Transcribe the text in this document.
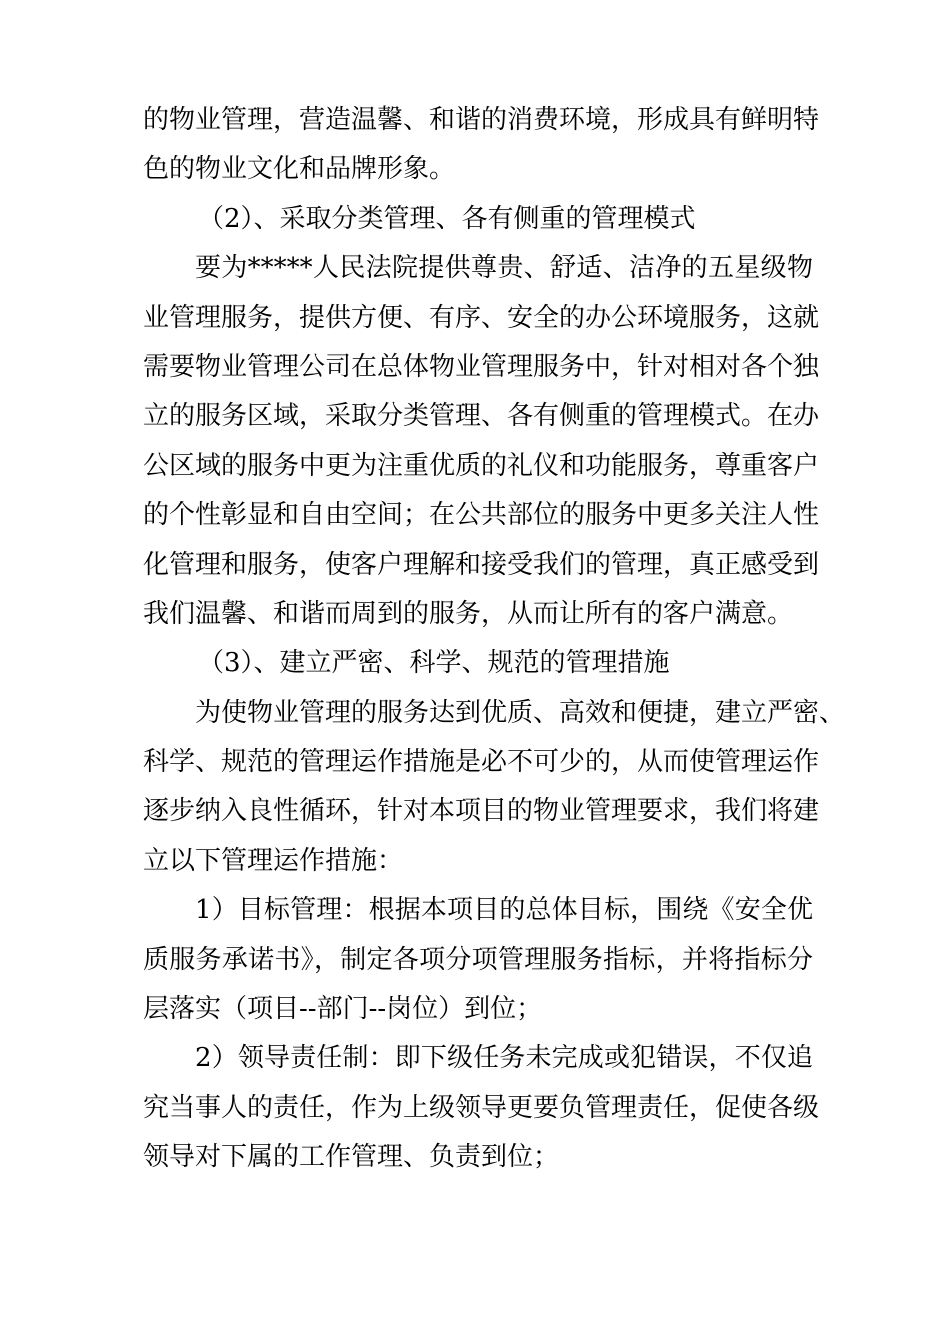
的物业管理，营造温馨、和谐的消费环境，形成具有鲜明特
色的物业文化和品牌形象。
（2）、采取分类管理、各有侧重的管理模式
要为*****人民法院提供尊贵、舒适、洁净的五星级物
业管理服务，提供方便、有序、安全的办公环境服务，这就
需要物业管理公司在总体物业管理服务中，针对相对各个独
立的服务区域，采取分类管理、各有侧重的管理模式。在办
公区域的服务中更为注重优质的礼仪和功能服务，尊重客户
的个性彰显和自由空间；在公共部位的服务中更多关注人性
化管理和服务，使客户理解和接受我们的管理，真正感受到
我们温馨、和谐而周到的服务，从而让所有的客户满意。
（3）、建立严密、科学、规范的管理措施
为使物业管理的服务达到优质、高效和便捷，建立严密、
科学、规范的管理运作措施是必不可少的，从而使管理运作
逐步纳入良性循环，针对本项目的物业管理要求，我们将建
立以下管理运作措施：
1）目标管理：根据本项目的总体目标，围绕《安全优
质服务承诺书》，制定各项分项管理服务指标，并将指标分
层落实（项目--部门--岗位）到位；
2）领导责任制：即下级任务未完成或犯错误，不仅追
究当事人的责任，作为上级领导更要负管理责任，促使各级
领导对下属的工作管理、负责到位；
